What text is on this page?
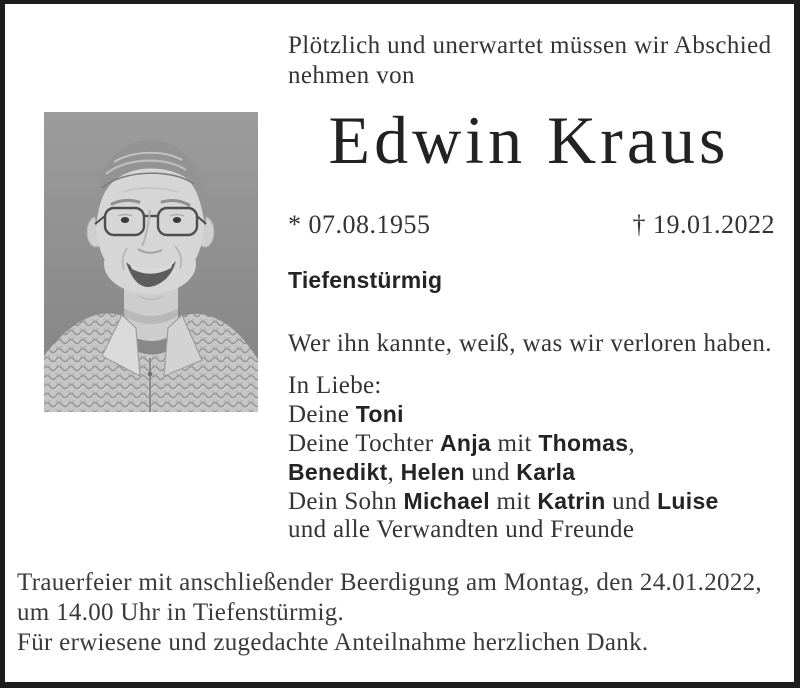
Plötzlich und unerwartet müssen wir Abschied
nehmen von
Edwin Kraus
* 07.08.1955	† 19.01.2022
Tiefenstürmig
Wer ihn kannte, weiß, was wir verloren haben.
In Liebe:
Deine Toni
Deine Tochter Anja mit Thomas,
Benedikt, Helen und Karla
Dein Sohn Michael mit Katrin und Luise
und alle Verwandten und Freunde
Trauerfeier mit anschließender Beerdigung am Montag, den 24.01.2022,
um 14.00 Uhr in Tiefenstürmig.
Für erwiesene und zugedachte Anteilnahme herzlichen Dank.
